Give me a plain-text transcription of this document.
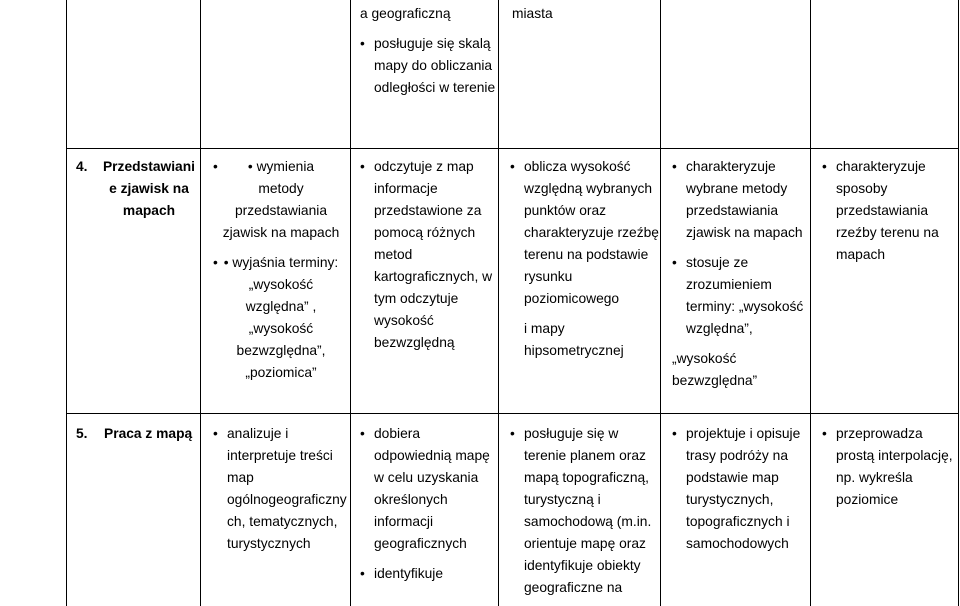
a geograficzną
• posługuje się skalą
mapy do obliczania
odległości w terenie
miasta
4. Przedstawiani
e zjawisk na
mapach
• • wymienia
metody
przedstawiania
zjawisk na mapach
• • wyjaśnia terminy:
„wysokość
względna” ,
„wysokość
bezwzględna”,
„poziomica”
• odczytuje z map
informacje
przedstawione za
pomocą różnych
metod
kartograficznych, w
tym odczytuje
wysokość
bezwzględną
• oblicza wysokość
względną wybranych
punktów oraz
charakteryzuje rzeźbę
terenu na podstawie
rysunku
poziomicowego
i mapy
hipsometrycznej
• charakteryzuje
wybrane metody
przedstawiania
zjawisk na mapach
• stosuje ze
zrozumieniem
terminy: „wysokość
względna”,
„wysokość
bezwzględna”
• charakteryzuje
sposoby
przedstawiania
rzeźby terenu na
mapach
5. Praca z mapą
•	analizuje i
interpretuje treści
map
ogólnogeograficzny
ch, tematycznych,
turystycznych
• dobiera
odpowiednią mapę
w celu uzyskania
określonych
informacji
geograficznych
• identyfikuje
• posługuje się w
terenie planem oraz
mapą topograficzną,
turystyczną i
samochodową (m.in.
orientuje mapę oraz
identyfikuje obiekty
geograficzne na
• projektuje i opisuje
trasy podróży na
podstawie map
turystycznych,
topograficznych i
samochodowych
• przeprowadza
prostą interpolację,
np. wykreśla
poziomice
